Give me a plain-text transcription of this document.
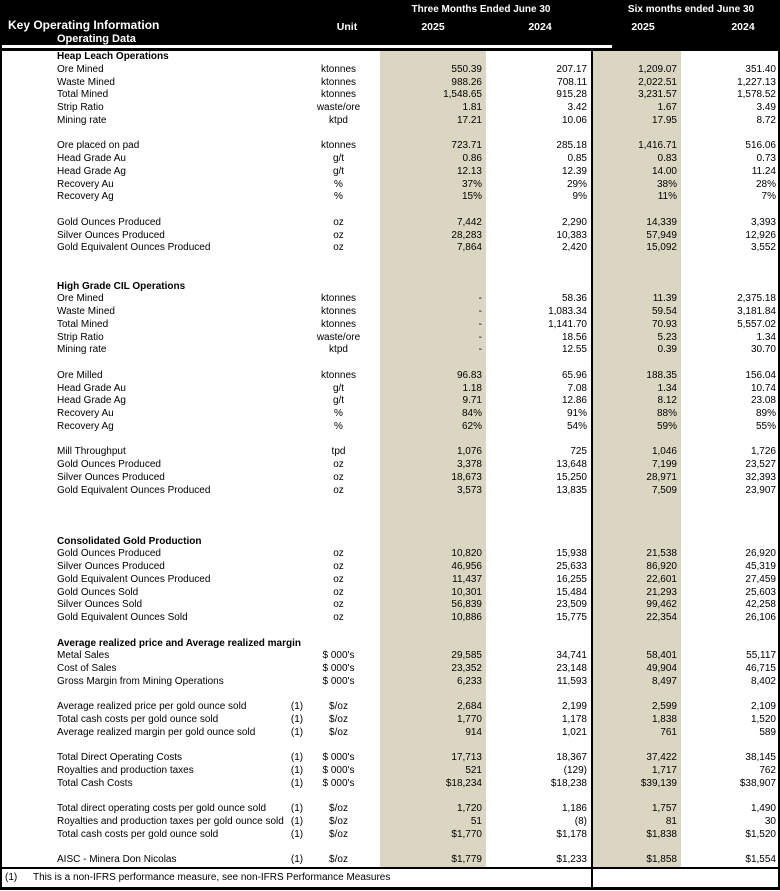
Three Months Ended June 30	Six months ended June 30
Key Operating Information	Unit	2025	2024	2025	2024
Operating Data
Heap Leach Operations
Ore Mined	ktonnes	550.39	207.17	1,209.07	351.40
Waste Mined	ktonnes	988.26	708.11	2,022.51	1,227.13
Total Mined	ktonnes	1,548.65	915.28	3,231.57	1,578.52
Strip Ratio	waste/ore	1.81	3.42	1.67	3.49
Mining rate	ktpd	17.21	10.06	17.95	8.72
Ore placed on pad	ktonnes	723.71	285.18	1,416.71	516.06
Head Grade Au	g/t	0.86	0.85	0.83	0.73
Head Grade Ag	g/t	12.13	12.39	14.00	11.24
Recovery Au	%	37%	29%	38%	28%
Recovery Ag	%	15%	9%	11%	7%
Gold Ounces Produced	oz	7,442	2,290	14,339	3,393
Silver Ounces Produced	oz	28,283	10,383	57,949	12,926
Gold Equivalent Ounces Produced	oz	7,864	2,420	15,092	3,552
High Grade CIL Operations
Ore Mined	ktonnes	-	58.36	11.39	2,375.18
Waste Mined	ktonnes	-	1,083.34	59.54	3,181.84
Total Mined	ktonnes	-	1,141.70	70.93	5,557.02
Strip Ratio	waste/ore	-	18.56	5.23	1.34
Mining rate	ktpd	-	12.55	0.39	30.70
Ore Milled	ktonnes	96.83	65.96	188.35	156.04
Head Grade Au	g/t	1.18	7.08	1.34	10.74
Head Grade Ag	g/t	9.71	12.86	8.12	23.08
Recovery Au	%	84%	91%	88%	89%
Recovery Ag	%	62%	54%	59%	55%
Mill Throughput	tpd	1,076	725	1,046	1,726
Gold Ounces Produced	oz	3,378	13,648	7,199	23,527
Silver Ounces Produced	oz	18,673	15,250	28,971	32,393
Gold Equivalent Ounces Produced	oz	3,573	13,835	7,509	23,907
Consolidated Gold Production
Gold Ounces Produced	oz	10,820	15,938	21,538	26,920
Silver Ounces Produced	oz	46,956	25,633	86,920	45,319
Gold Equivalent Ounces Produced	oz	11,437	16,255	22,601	27,459
Gold Ounces Sold	oz	10,301	15,484	21,293	25,603
Silver Ounces Sold	oz	56,839	23,509	99,462	42,258
Gold Equivalent Ounces Sold	oz	10,886	15,775	22,354	26,106
Average realized price and Average realized margin
Metal Sales	$ 000's	29,585	34,741	58,401	55,117
Cost of Sales	$ 000's	23,352	23,148	49,904	46,715
Gross Margin from Mining Operations	$ 000's	6,233	11,593	8,497	8,402
Average realized price per gold ounce sold	(1)	$/oz	2,684	2,199	2,599	2,109
Total cash costs per gold ounce sold	(1)	$/oz	1,770	1,178	1,838	1,520
Average realized margin per gold ounce sold	(1)	$/oz	914	1,021	761	589
Total Direct Operating Costs	(1)	$ 000's	17,713	18,367	37,422	38,145
Royalties and production taxes	(1)	$ 000's	521	(129)	1,717	762
Total Cash Costs	(1)	$ 000's	$18,234	$18,238	$39,139	$38,907
Total direct operating costs per gold ounce sold	(1)	$/oz	1,720	1,186	1,757	1,490
Royalties and production taxes per gold ounce sold (1)	$/oz	51	(8)	81	30
Total cash costs per gold ounce sold	(1)	$/oz	$1,770	$1,178	$1,838	$1,520
AISC - Minera Don Nicolas	(1)	$/oz	$1,779	$1,233	$1,858	$1,554
(1) This is a non-IFRS performance measure, see non-IFRS Performance Measures
